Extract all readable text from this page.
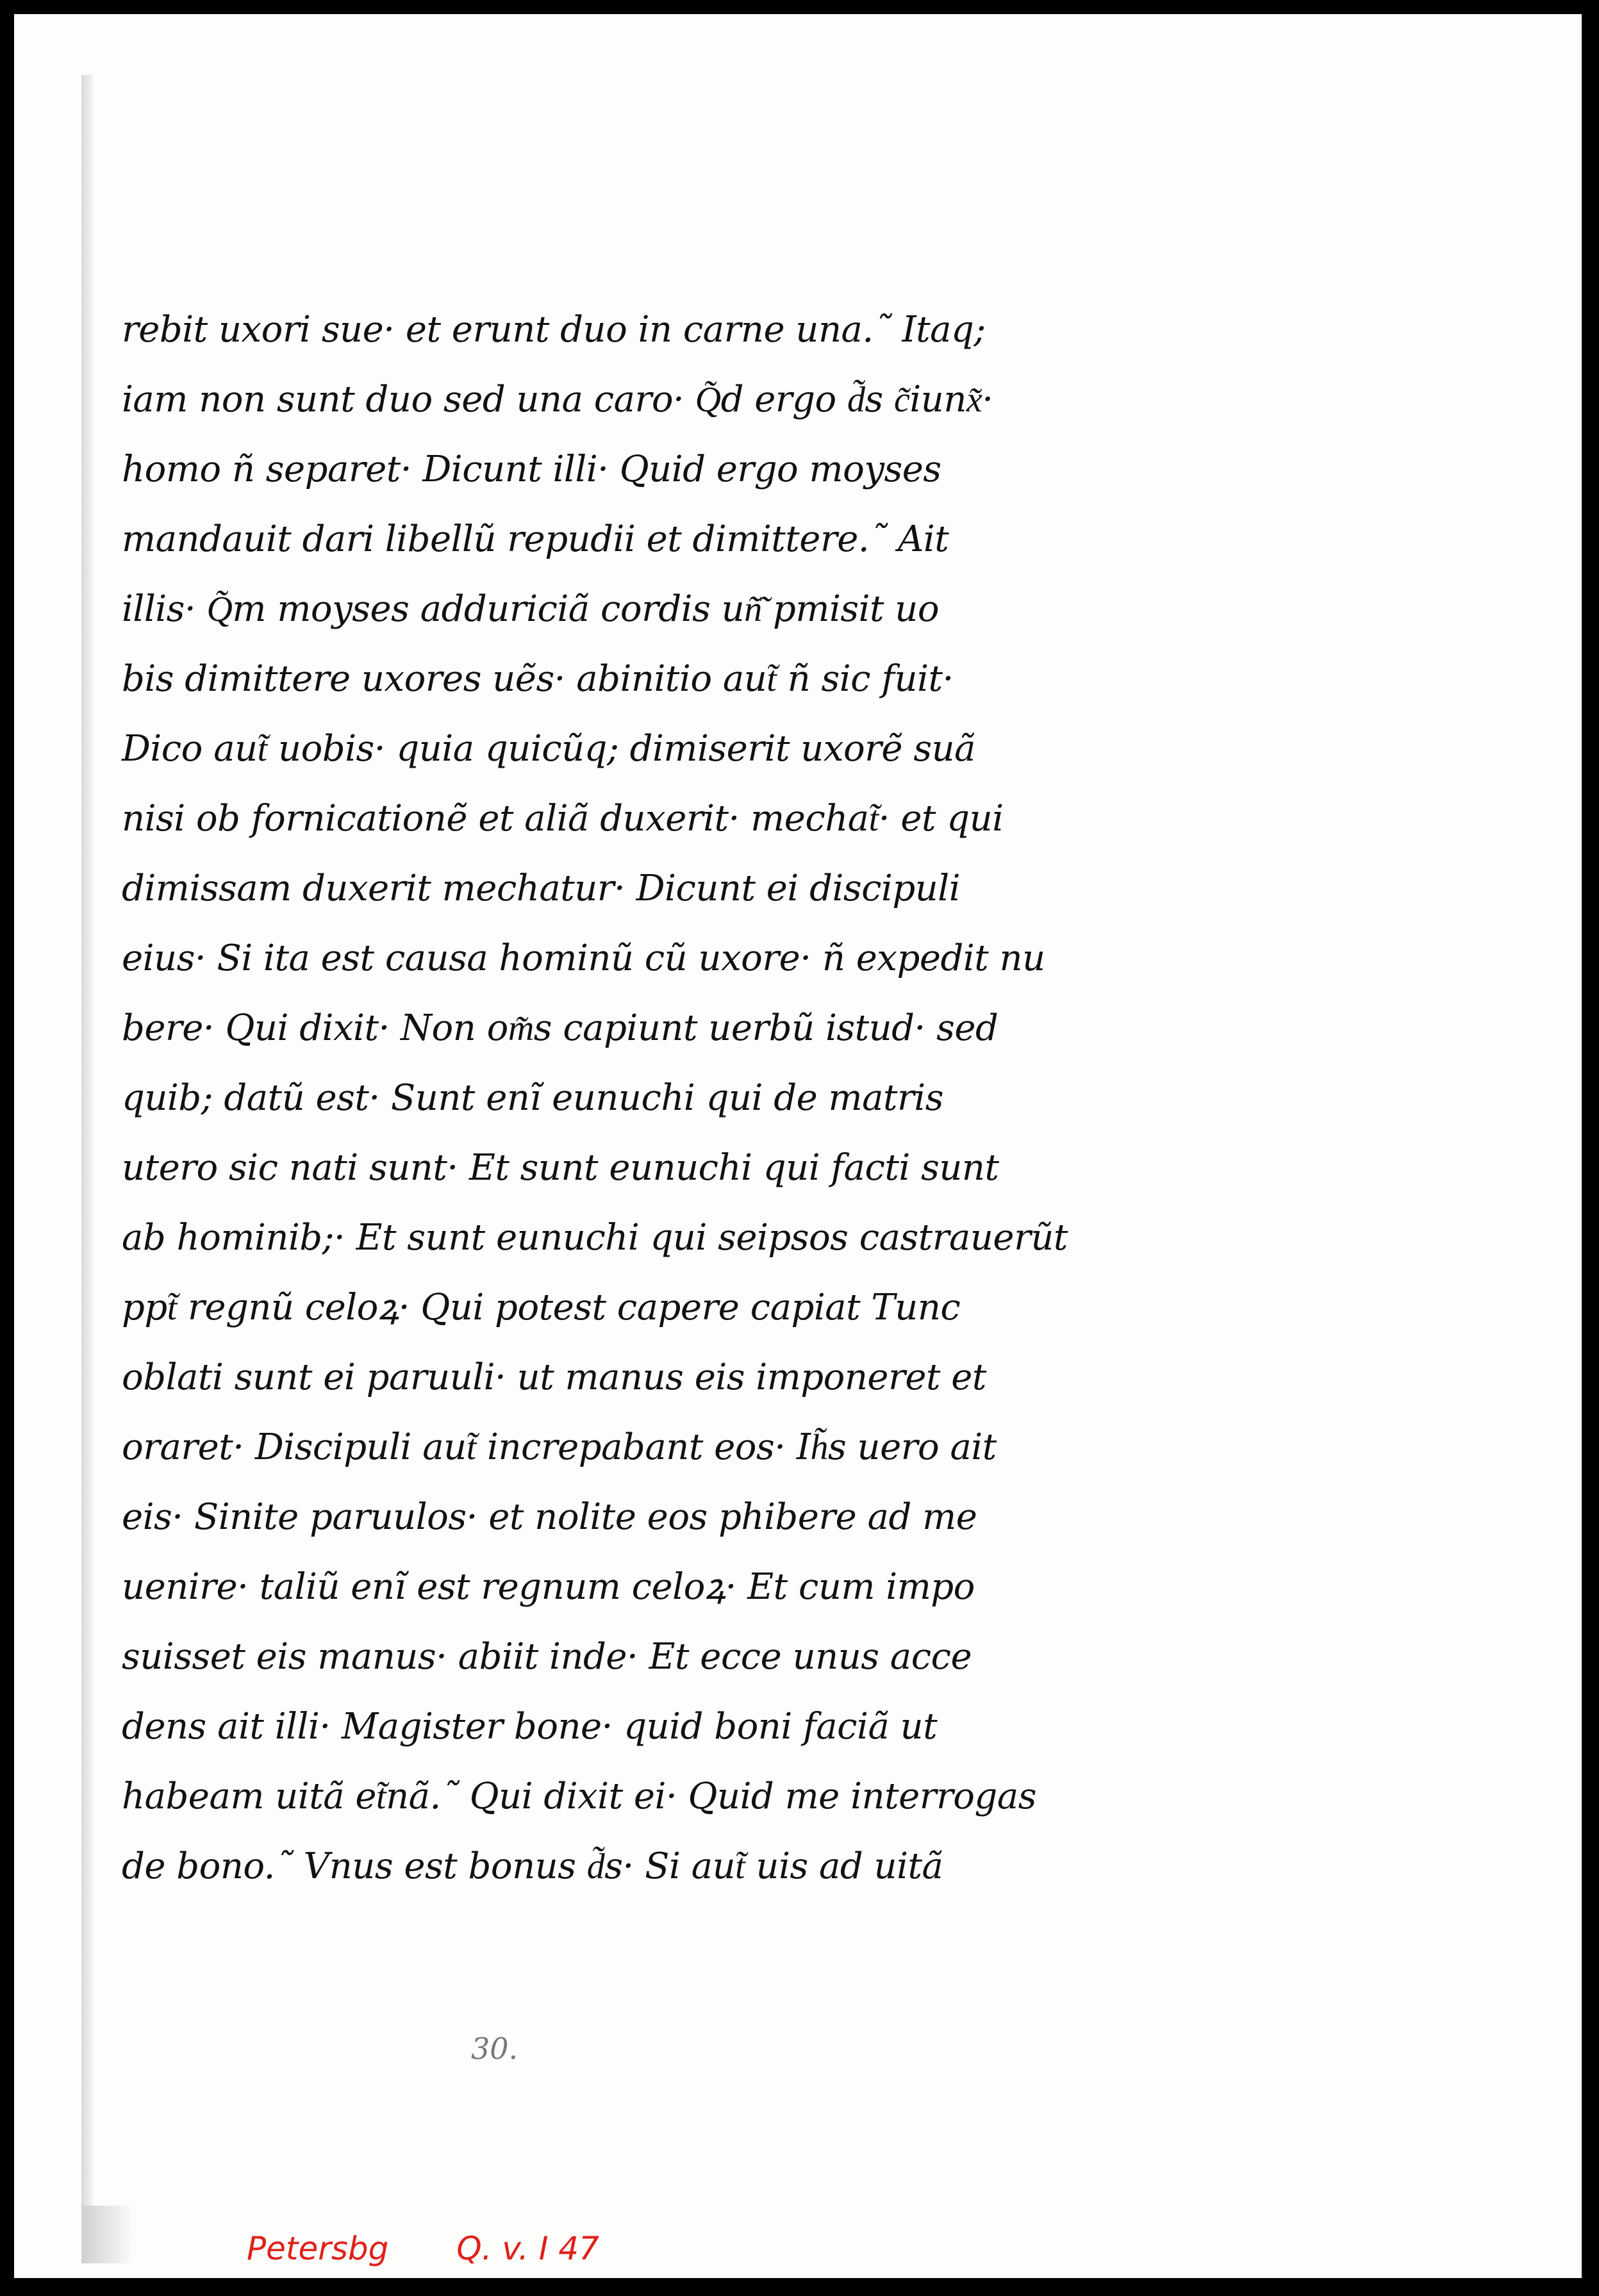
rebit uxori sue· et erunt duo in carne una.˜ Itaq;
iam non sunt duo sed una caro· Q͂d ergo d͂s c͂iunx͂·
homo ñ separet· Dicunt illi· Quid ergo moyses
mandauit dari libellũ repudii et dimittere.˜ Ait
illis· Q͂m moyses adduriciã cordis uñ͂ pmisit uo
bis dimittere uxores uẽs· abinitio aut͂ ñ sic fuit·
Dico aut͂ uobis· quia quicũq; dimiserit uxorẽ suã
nisi ob fornicationẽ et aliã duxerit· mechat͂· et qui
dimissam duxerit mechatur· Dicunt ei discipuli
eius· Si ita est causa hominũ cũ uxore· ñ expedit nu
bere· Qui dixit· Non om͂s capiunt uerbũ istud· sed
quib; datũ est· Sunt enĩ eunuchi qui de matris
utero sic nati sunt· Et sunt eunuchi qui facti sunt
ab hominib;· Et sunt eunuchi qui seipsos castrauerũt
ppt͂ regnũ celoꝝ· Qui potest capere capiat Tunc
oblati sunt ei paruuli· ut manus eis imponeret et
oraret· Discipuli aut͂ increpabant eos· Ih͂s uero ait
eis· Sinite paruulos· et nolite eos phibere ad me
uenire· taliũ enĩ est regnum celoꝝ· Et cum impo
suisset eis manus· abiit inde· Et ecce unus acce
dens ait illi· Magister bone· quid boni faciã ut
habeam uitã et͂nã.˜ Qui dixit ei· Quid me interrogas
de bono.˜ Vnus est bonus d͂s· Si aut͂ uis ad uitã
30.
Petersbg Q. v. I 47
